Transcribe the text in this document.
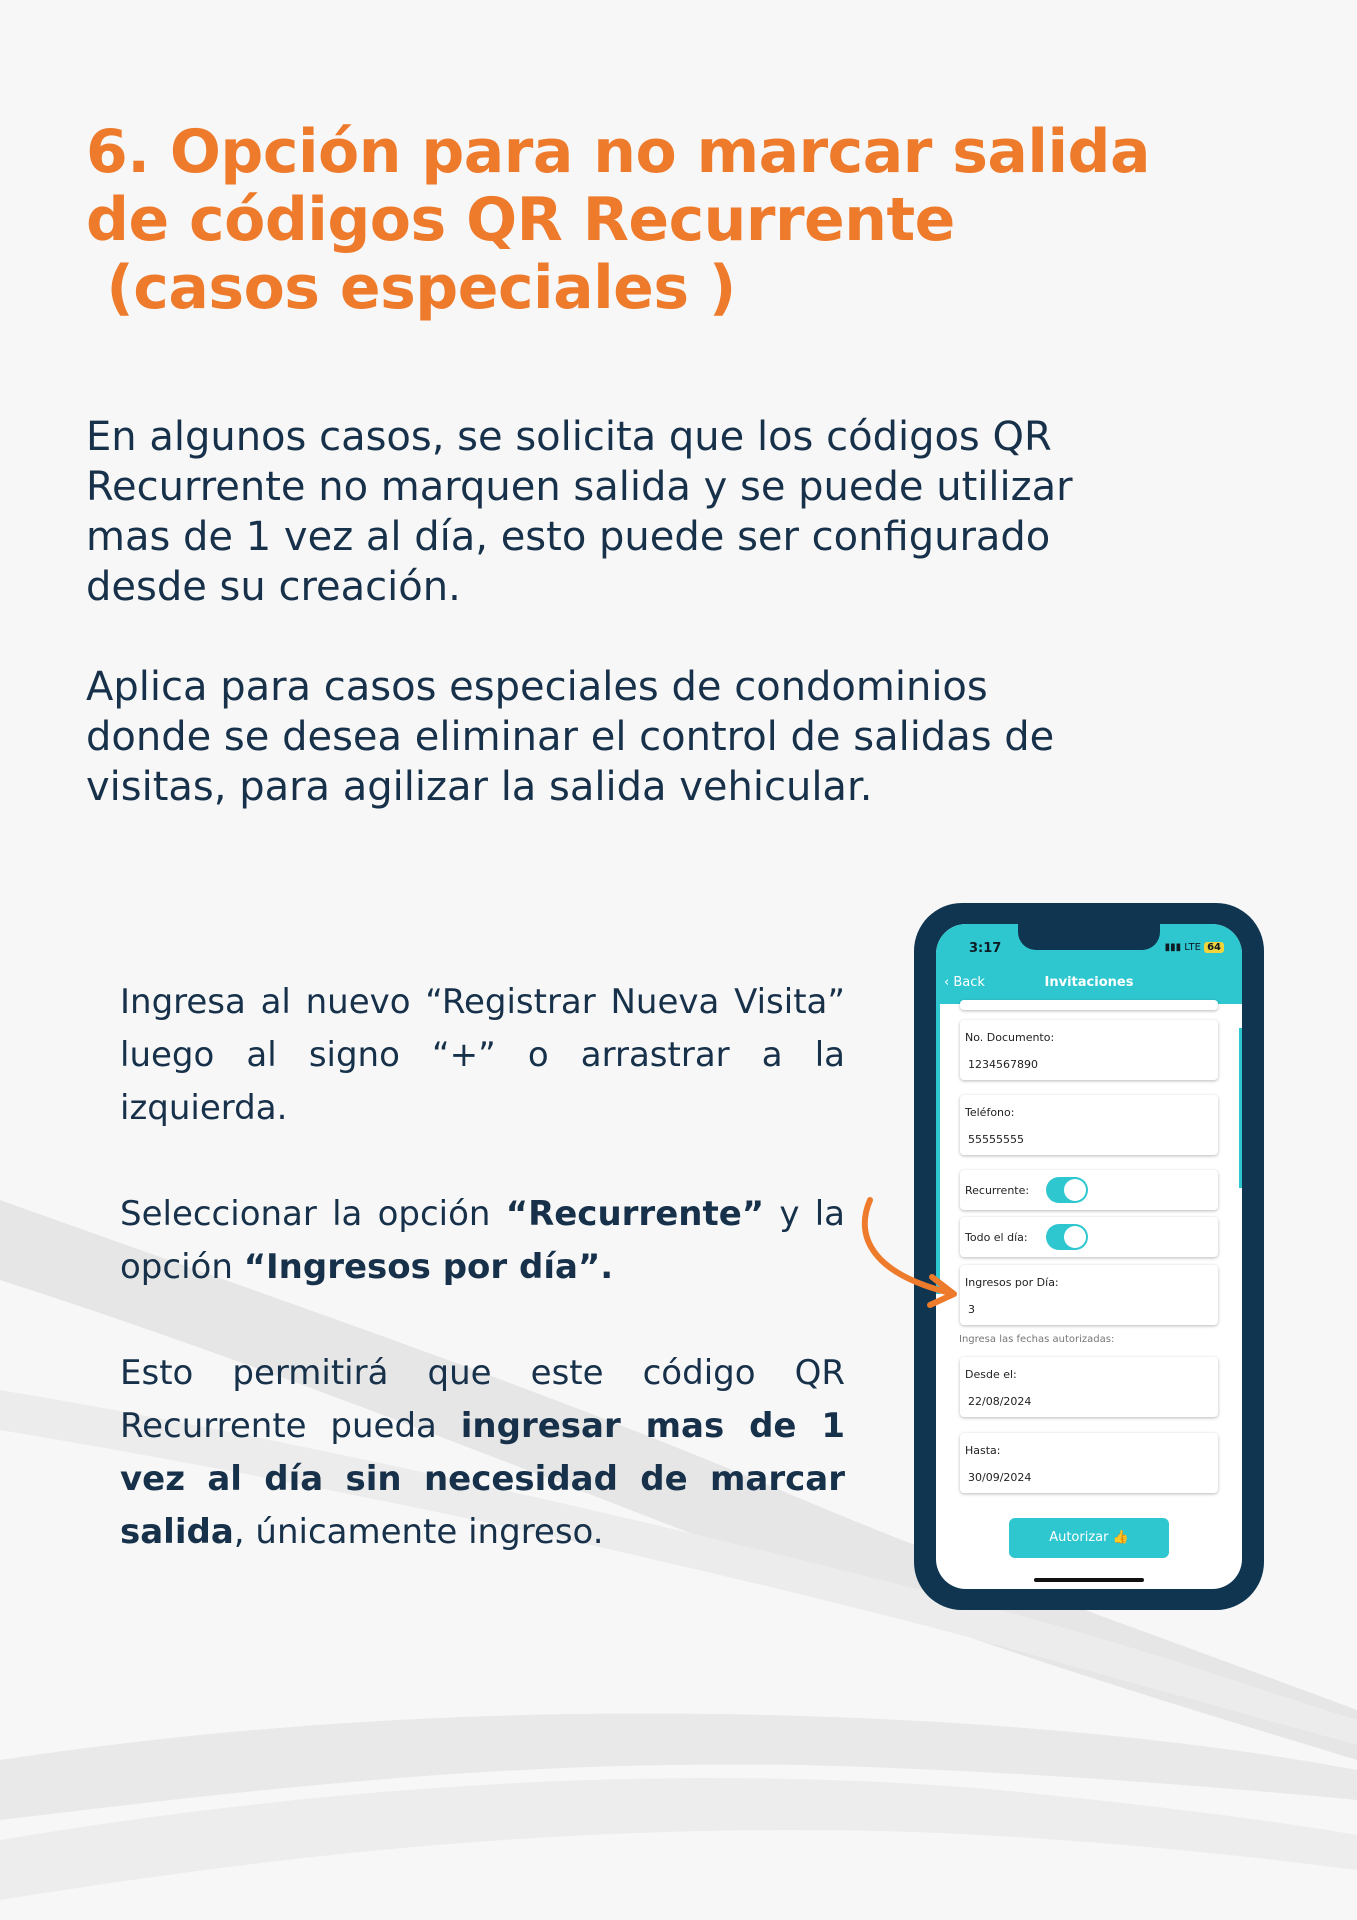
6. Opción para no marcar salida
de códigos QR Recurrente
(casos especiales )

En algunos casos, se solicita que los códigos QR
Recurrente no marquen salida y se puede utilizar
mas de 1 vez al día, esto puede ser configurado
desde su creación.

Aplica para casos especiales de condominios
donde se desea eliminar el control de salidas de
visitas, para agilizar la salida vehicular.

Ingresa al nuevo “Registrar Nueva Visita” luego al signo “+” o arrastrar a la izquierda.

Seleccionar la opción “Recurrente” y la opción “Ingresos por día”.

Esto permitirá que este código QR Recurrente pueda ingresar mas de 1 vez al día sin necesidad de marcar salida, únicamente ingreso.

3:17	▮▮▮ LTE 64
‹ Back	Invitaciones
No. Documento:
1234567890
Teléfono:
55555555
Recurrente:
Todo el día:
Ingresos por Día:
3
Ingresa las fechas autorizadas:
Desde el:
22/08/2024
Hasta:
30/09/2024
Autorizar 👍
